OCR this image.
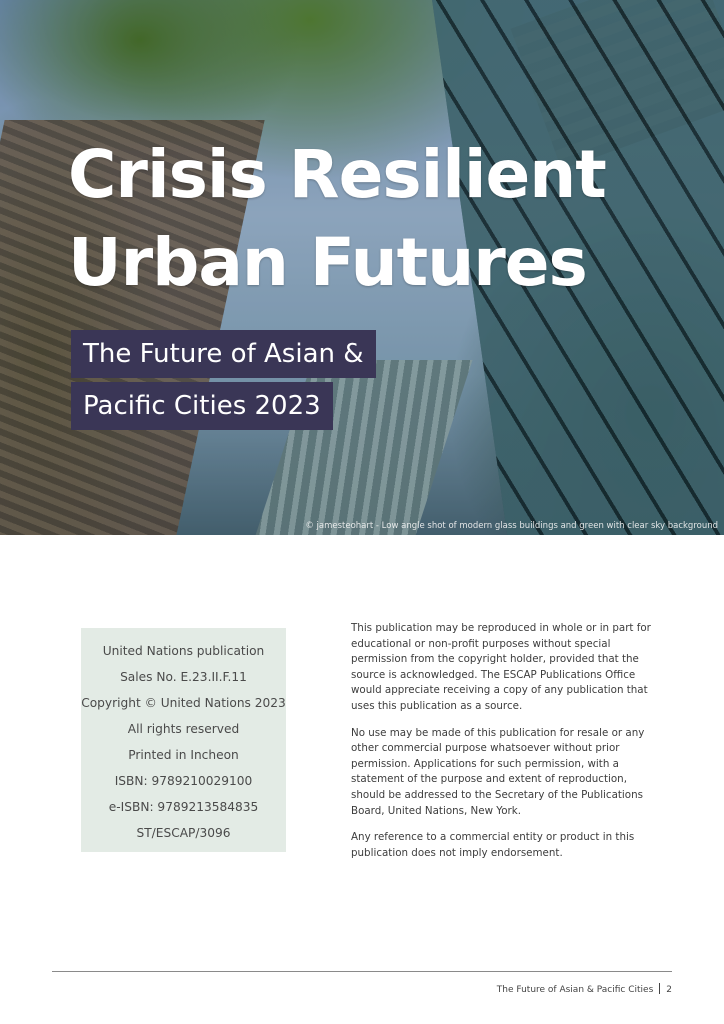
Crisis Resilient
Urban Futures
The Future of Asian &
Pacific Cities 2023
© jamesteohart - Low angle shot of modern glass buildings and green with clear sky background
United Nations publication
Sales No. E.23.II.F.11
Copyright © United Nations 2023
All rights reserved
Printed in Incheon
ISBN: 9789210029100
e-ISBN: 9789213584835
ST/ESCAP/3096

This publication may be reproduced in whole or in part for educational or non-profit purposes without special permission from the copyright holder, provided that the source is acknowledged. The ESCAP Publications Office would appreciate receiving a copy of any publication that uses this publication as a source.

No use may be made of this publication for resale or any other commercial purpose whatsoever without prior permission. Applications for such permission, with a statement of the purpose and extent of reproduction, should be addressed to the Secretary of the Publications Board, United Nations, New York.

Any reference to a commercial entity or product in this publication does not imply endorsement.

The Future of Asian & Pacific Cities 2
